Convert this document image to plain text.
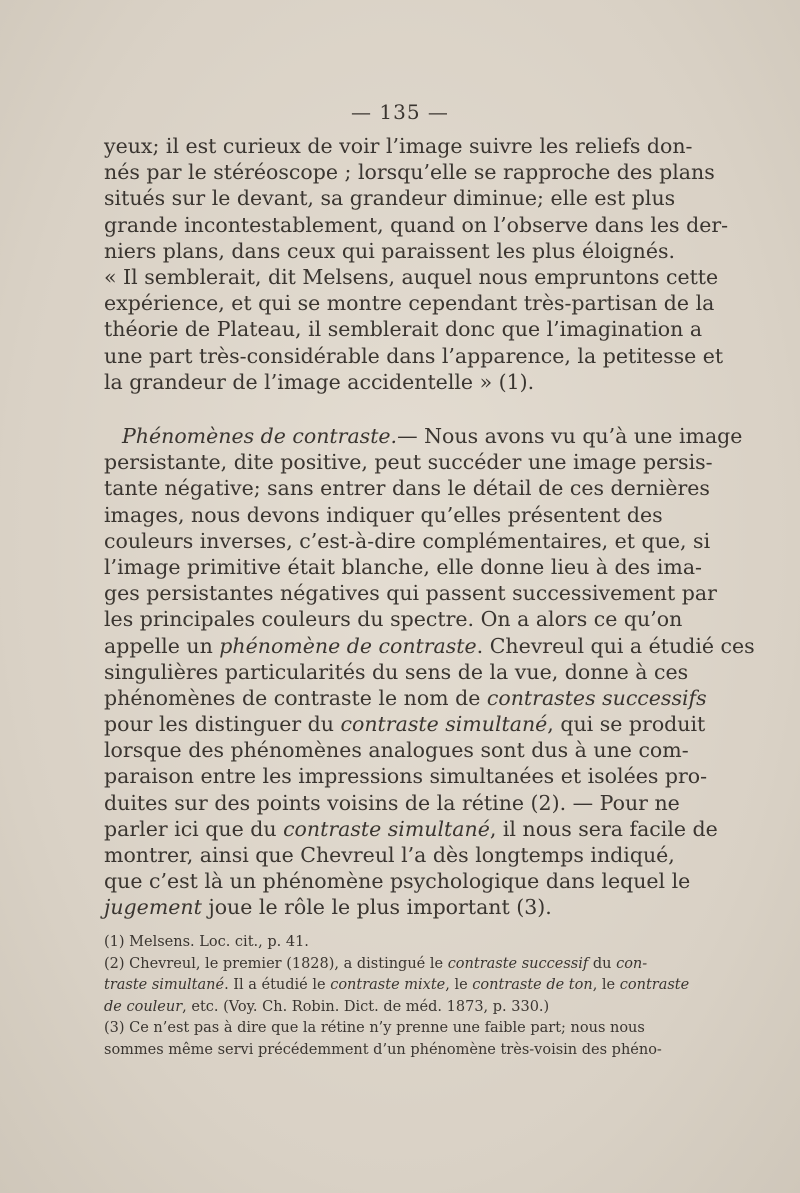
— 135 —
yeux; il est curieux de voir l’image suivre les reliefs don-
nés par le stéréoscope ; lorsqu’elle se rapproche des plans
situés sur le devant, sa grandeur diminue; elle est plus
grande incontestablement, quand on l’observe dans les der-
niers plans, dans ceux qui paraissent les plus éloignés.
« Il semblerait, dit Melsens, auquel nous empruntons cette
expérience, et qui se montre cependant très-partisan de la
théorie de Plateau, il semblerait donc que l’imagination a
une part très-considérable dans l’apparence, la petitesse et
la grandeur de l’image accidentelle » (1).
Phénomènes de contraste.— Nous avons vu qu’à une image
persistante, dite positive, peut succéder une image persis-
tante négative; sans entrer dans le détail de ces dernières
images, nous devons indiquer qu’elles présentent des
couleurs inverses, c’est-à-dire complémentaires, et que, si
l’image primitive était blanche, elle donne lieu à des ima-
ges persistantes négatives qui passent successivement par
les principales couleurs du spectre. On a alors ce qu’on
appelle un phénomène de contraste. Chevreul qui a étudié ces
singulières particularités du sens de la vue, donne à ces
phénomènes de contraste le nom de contrastes successifs
pour les distinguer du contraste simultané, qui se produit
lorsque des phénomènes analogues sont dus à une com-
paraison entre les impressions simultanées et isolées pro-
duites sur des points voisins de la rétine (2). — Pour ne
parler ici que du contraste simultané, il nous sera facile de
montrer, ainsi que Chevreul l’a dès longtemps indiqué,
que c’est là un phénomène psychologique dans lequel le
jugement joue le rôle le plus important (3).
(1) Melsens. Loc. cit., p. 41.
(2) Chevreul, le premier (1828), a distingué le contraste successif du con-
traste simultané. Il a étudié le contraste mixte, le contraste de ton, le contraste
de couleur, etc. (Voy. Ch. Robin. Dict. de méd. 1873, p. 330.)
(3) Ce n’est pas à dire que la rétine n’y prenne une faible part; nous nous
sommes même servi précédemment d’un phénomène très-voisin des phéno-
